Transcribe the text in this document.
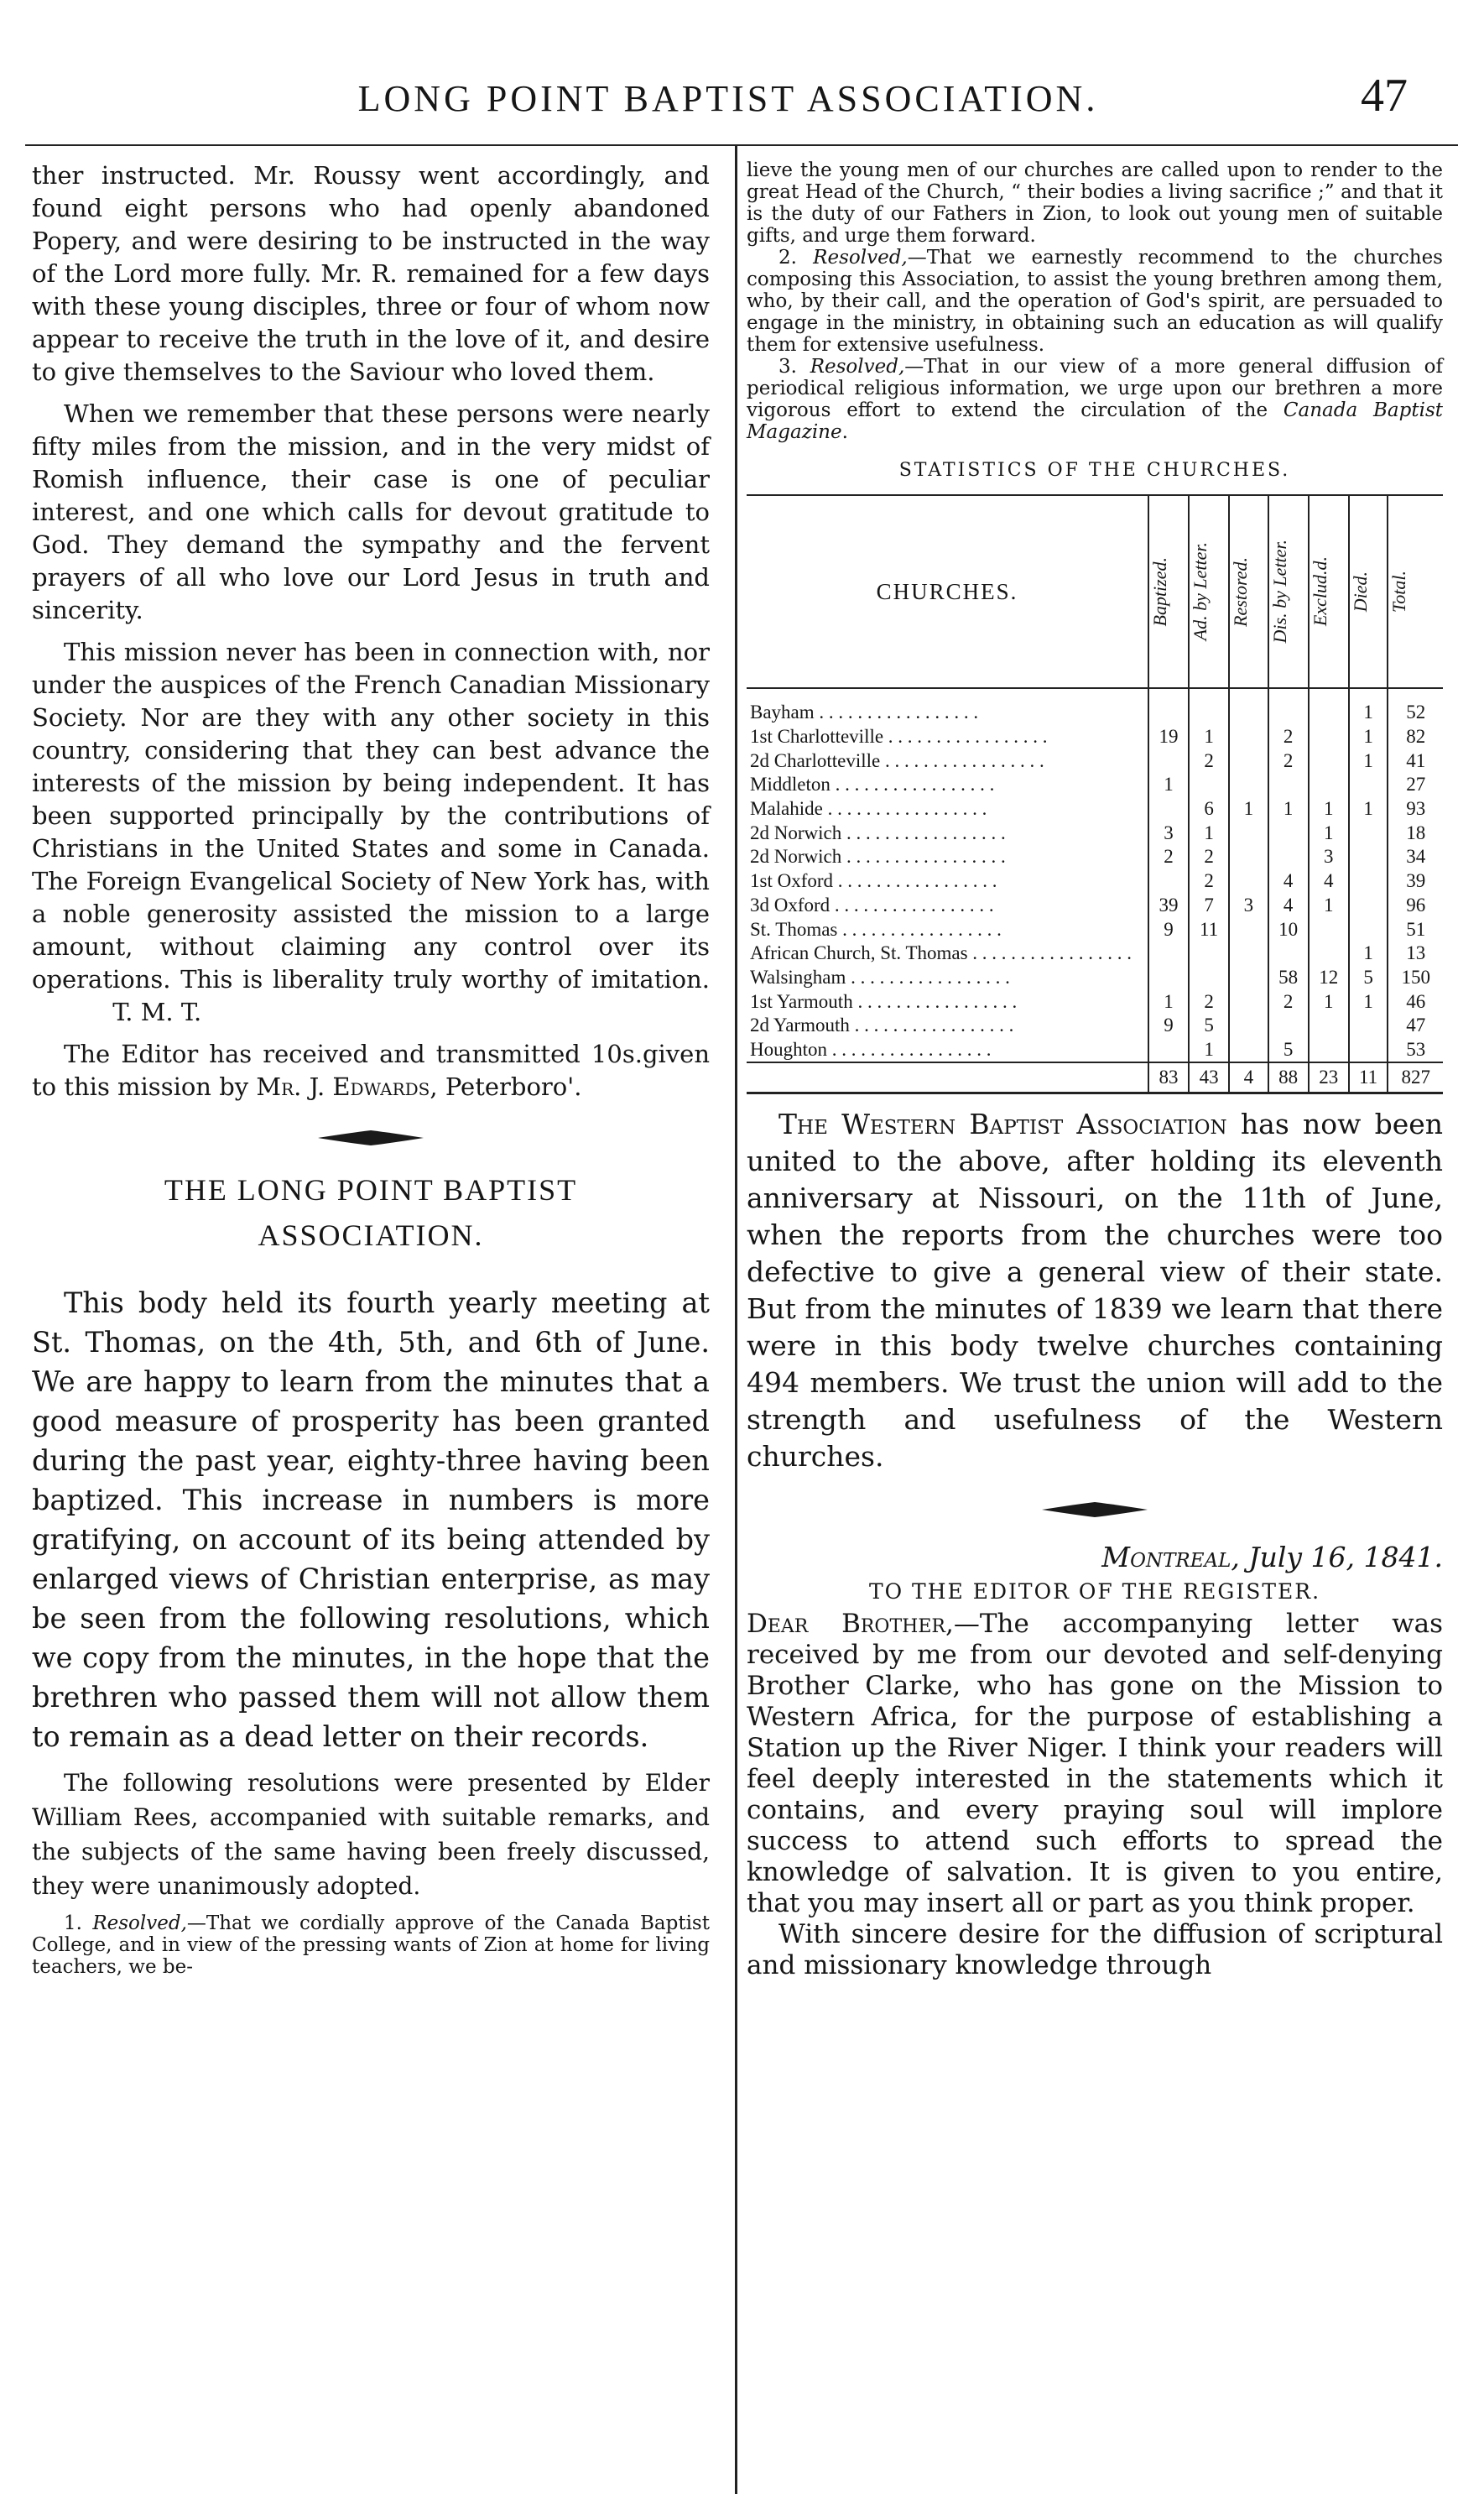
LONG POINT BAPTIST ASSOCIATION.	47

ther instructed. Mr. Roussy went accordingly, and found eight persons who had openly abandoned Popery, and were desiring to be instructed in the way of the Lord more fully. Mr. R. remained for a few days with these young disciples, three or four of whom now appear to receive the truth in the love of it, and desire to give themselves to the Saviour who loved them.

When we remember that these persons were nearly fifty miles from the mission, and in the very midst of Romish influence, their case is one of peculiar interest, and one which calls for devout gratitude to God. They demand the sympathy and the fervent prayers of all who love our Lord Jesus in truth and sincerity.

This mission never has been in connection with, nor under the auspices of the French Canadian Missionary Society. Nor are they with any other society in this country, considering that they can best advance the interests of the mission by being independent. It has been supported principally by the contributions of Christians in the United States and some in Canada. The Foreign Evangelical Society of New York has, with a noble generosity assisted the mission to a large amount, without claiming any control over its operations. This is liberality truly worthy of imitation.     T. M. T.

The Editor has received and transmitted 10s.given to this mission by Mr. J. Edwards, Peterboro'.

THE LONG POINT BAPTIST
ASSOCIATION.

This body held its fourth yearly meeting at St. Thomas, on the 4th, 5th, and 6th of June. We are happy to learn from the minutes that a good measure of prosperity has been granted during the past year, eighty-three having been baptized. This increase in numbers is more gratifying, on account of its being attended by enlarged views of Christian enterprise, as may be seen from the following resolutions, which we copy from the minutes, in the hope that the brethren who passed them will not allow them to remain as a dead letter on their records.

The following resolutions were presented by Elder William Rees, accompanied with suitable remarks, and the subjects of the same having been freely discussed, they were unanimously adopted.

1. Resolved,—That we cordially approve of the Canada Baptist College, and in view of the pressing wants of Zion at home for living teachers, we be-

lieve the young men of our churches are called upon to render to the great Head of the Church, “ their bodies a living sacrifice ;” and that it is the duty of our Fathers in Zion, to look out young men of suitable gifts, and urge them forward.

2. Resolved,—That we earnestly recommend to the churches composing this Association, to assist the young brethren among them, who, by their call, and the operation of God's spirit, are persuaded to engage in the ministry, in obtaining such an education as will qualify them for extensive usefulness.

3. Resolved,—That in our view of a more general diffusion of periodical religious information, we urge upon our brethren a more vigorous effort to extend the circulation of the Canada Baptist Magazine.

STATISTICS OF THE CHURCHES.
CHURCHES.	Baptized.	Ad. by Letter.	Restored.	Dis. by Letter.	Exclud.d.	Died.	Total.

Bayham . . . . . . . . . . . . . . . . .						1	52
1st Charlotteville . . . . . . . . . . . . . . . . .	19	1		2		1	82
2d Charlotteville . . . . . . . . . . . . . . . . .		2		2		1	41
Middleton . . . . . . . . . . . . . . . . .	1						27
Malahide . . . . . . . . . . . . . . . . .		6	1	1	1	1	93
2d Norwich . . . . . . . . . . . . . . . . .	3	1			1		18
2d Norwich . . . . . . . . . . . . . . . . .	2	2			3		34
1st Oxford . . . . . . . . . . . . . . . . .		2		4	4		39
3d Oxford . . . . . . . . . . . . . . . . .	39	7	3	4	1		96
St. Thomas . . . . . . . . . . . . . . . . .	9	11		10			51
African Church, St. Thomas . . . . . . . . . . . . . . . . .						1	13
Walsingham . . . . . . . . . . . . . . . . .				58	12	5	150
1st Yarmouth . . . . . . . . . . . . . . . . .	1	2		2	1	1	46
2d Yarmouth . . . . . . . . . . . . . . . . .	9	5					47
Houghton . . . . . . . . . . . . . . . . .		1		5			53
	83	43	4	88	23	11	827

The Western Baptist Association has now been united to the above, after holding its eleventh anniversary at Nissouri, on the 11th of June, when the reports from the churches were too defective to give a general view of their state. But from the minutes of 1839 we learn that there were in this body twelve churches containing 494 members. We trust the union will add to the strength and usefulness of the Western churches.

Montreal, July 16, 1841.

TO THE EDITOR OF THE REGISTER.

Dear Brother,—The accompanying letter was received by me from our devoted and self-denying Brother Clarke, who has gone on the Mission to Western Africa, for the purpose of establishing a Station up the River Niger. I think your readers will feel deeply interested in the statements which it contains, and every praying soul will implore success to attend such efforts to spread the knowledge of salvation. It is given to you entire, that you may insert all or part as you think proper.

With sincere desire for the diffusion of scriptural and missionary knowledge through
